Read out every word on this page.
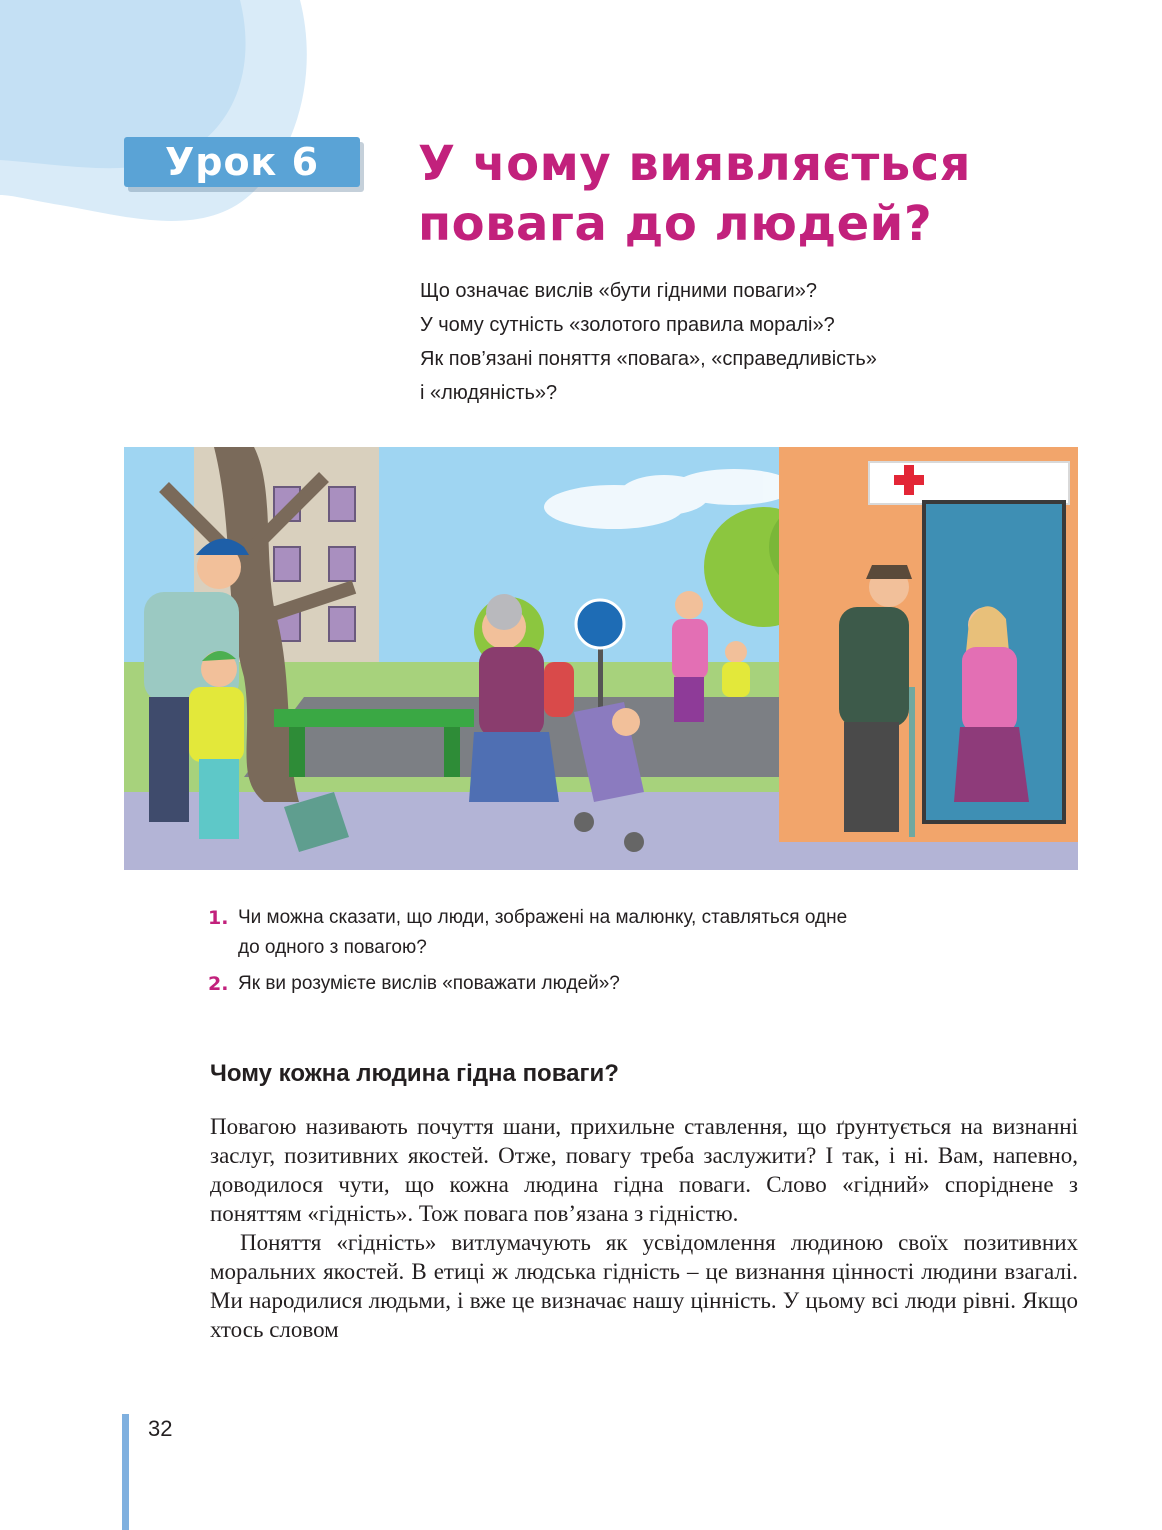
Урок 6 У чому виявляється
повага до людей?
Що означає вислів «бути гідними поваги»?
У чому сутність «золотого правила моралі»?
Як пов’язані поняття «повага», «справедливість»
і «людяність»?
1. Чи можна сказати, що люди, зображені на малюнку, ставляться одне
до одного з повагою?
2. Як ви розумієте вислів «поважати людей»?
Чому кожна людина гідна поваги?

Повагою називають почуття шани, прихильне ставлення, що ґрунтується на визнанні заслуг, позитивних якостей. Отже, повагу треба заслужити? І так, і ні. Вам, напевно, доводилося чути, що кожна людина гідна поваги. Слово «гідний» споріднене з поняттям «гідність». Тож повага пов’язана з гідністю.

Поняття «гідність» витлумачують як усвідомлення людиною своїх позитивних моральних якостей. В етиці ж людська гідність – це визнання цінності людини взагалі. Ми народилися людьми, і вже це визначає нашу цінність. У цьому всі люди рівні. Якщо хтось словом

32
